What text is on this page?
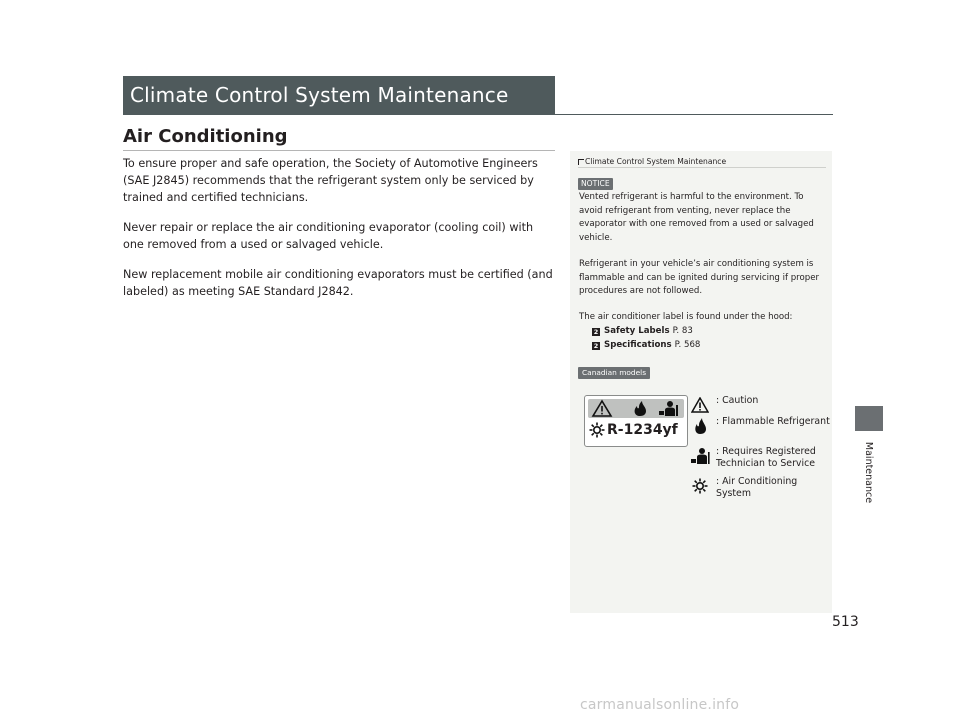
Climate Control System Maintenance
Air Conditioning

To ensure proper and safe operation, the Society of Automotive Engineers (SAE J2845) recommends that the refrigerant system only be serviced by trained and certified technicians.

Never repair or replace the air conditioning evaporator (cooling coil) with one removed from a used or salvaged vehicle.

New replacement mobile air conditioning evaporators must be certified (and labeled) as meeting SAE Standard J2842.

Climate Control System Maintenance
NOTICE
Vented refrigerant is harmful to the environment. To avoid refrigerant from venting, never replace the evaporator with one removed from a used or salvaged vehicle.
Refrigerant in your vehicle’s air conditioning system is flammable and can be ignited during servicing if proper procedures are not followed.
The air conditioner label is found under the hood:
2 Safety Labels P. 83
2 Specifications P. 568
Canadian models
R-1234yf
: Caution
: Flammable Refrigerant
: Requires Registered Technician to Service
: Air Conditioning System	Maintenance
513
carmanualsonline.info
